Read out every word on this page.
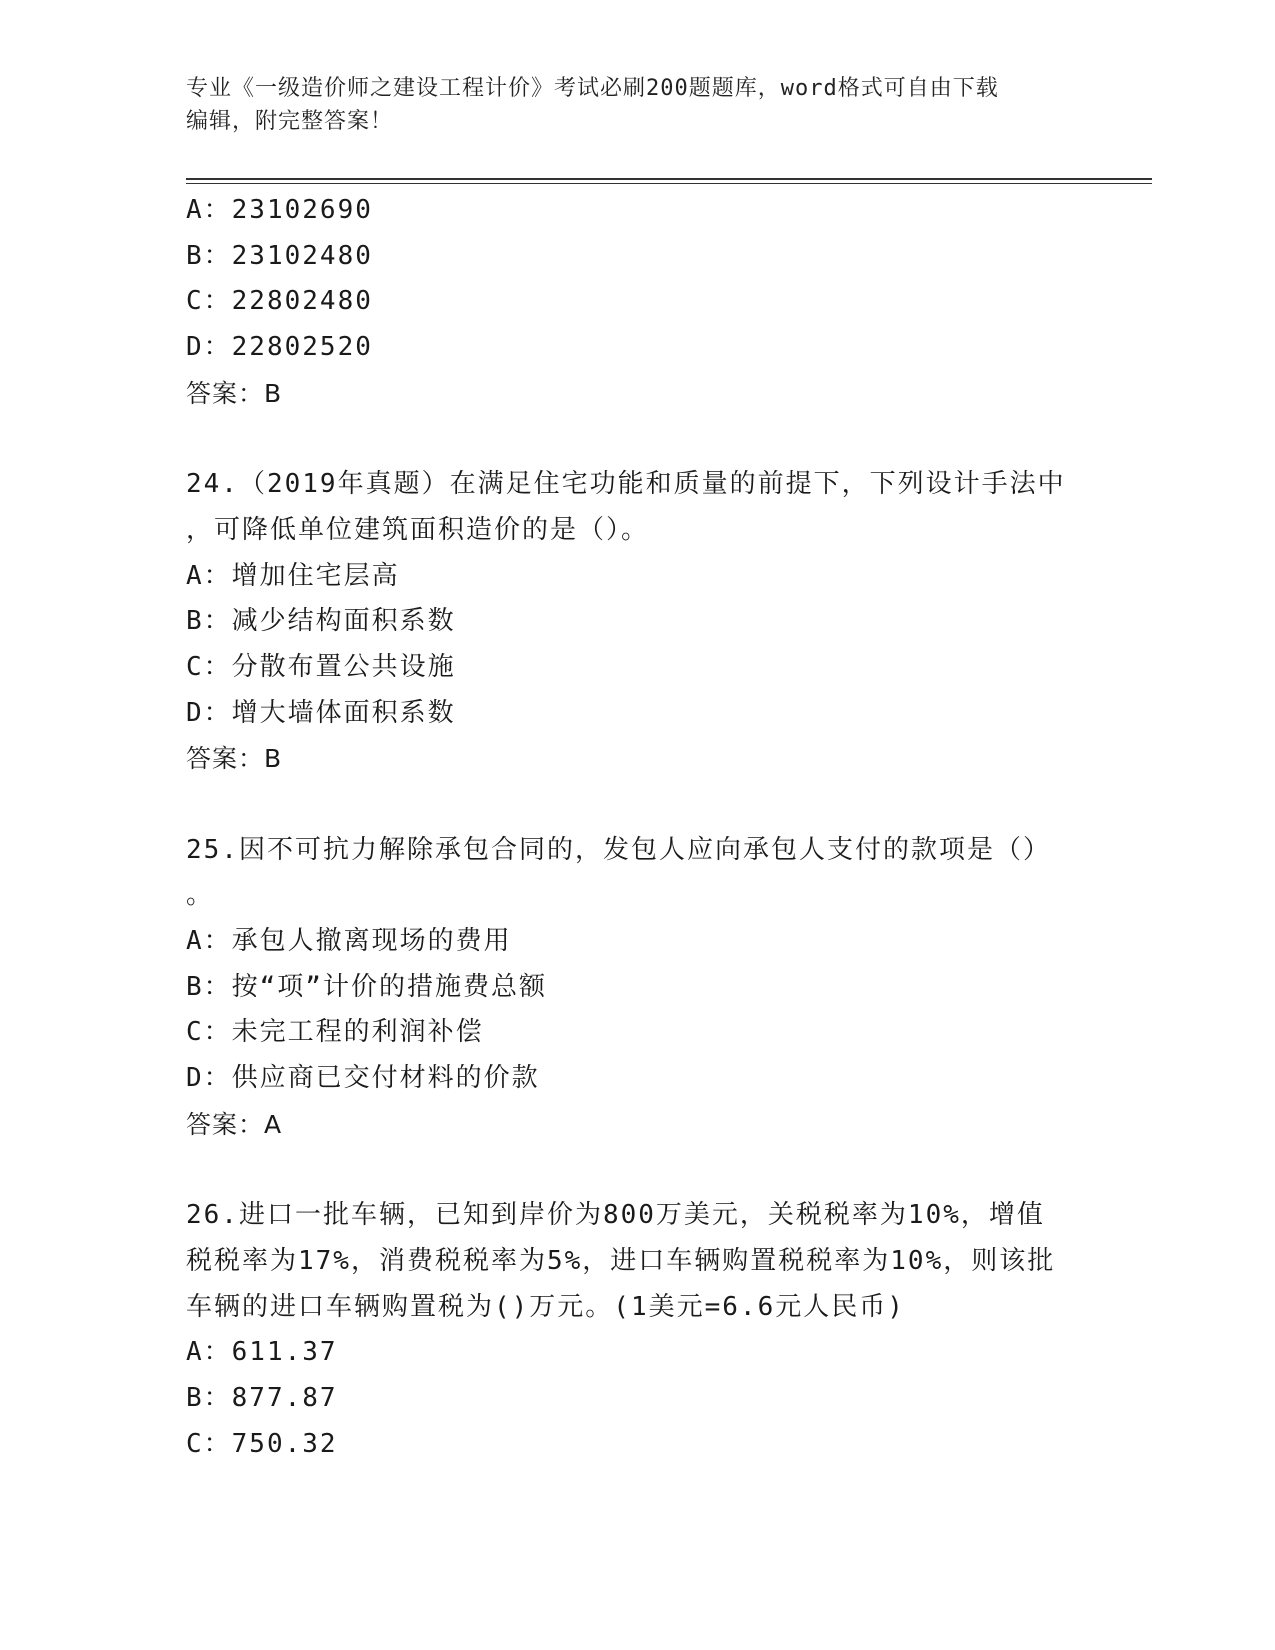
专业《一级造价师之建设工程计价》考试必刷200题题库，word格式可自由下载
编辑，附完整答案！
A：23102690
B：23102480
C：22802480
D：22802520
答案：B
24.（2019年真题）在满足住宅功能和质量的前提下，下列设计手法中
，可降低单位建筑面积造价的是（）。
A：增加住宅层高
B：减少结构面积系数
C：分散布置公共设施
D：增大墙体面积系数
答案：B
25.因不可抗力解除承包合同的，发包人应向承包人支付的款项是（）
。
A：承包人撤离现场的费用
B：按“项”计价的措施费总额
C：未完工程的利润补偿
D：供应商已交付材料的价款
答案：A
26.进口一批车辆，已知到岸价为800万美元，关税税率为10%，增值
税税率为17%，消费税税率为5%，进口车辆购置税税率为10%，则该批
车辆的进口车辆购置税为()万元。(1美元=6.6元人民币)
A：611.37
B：877.87
C：750.32
